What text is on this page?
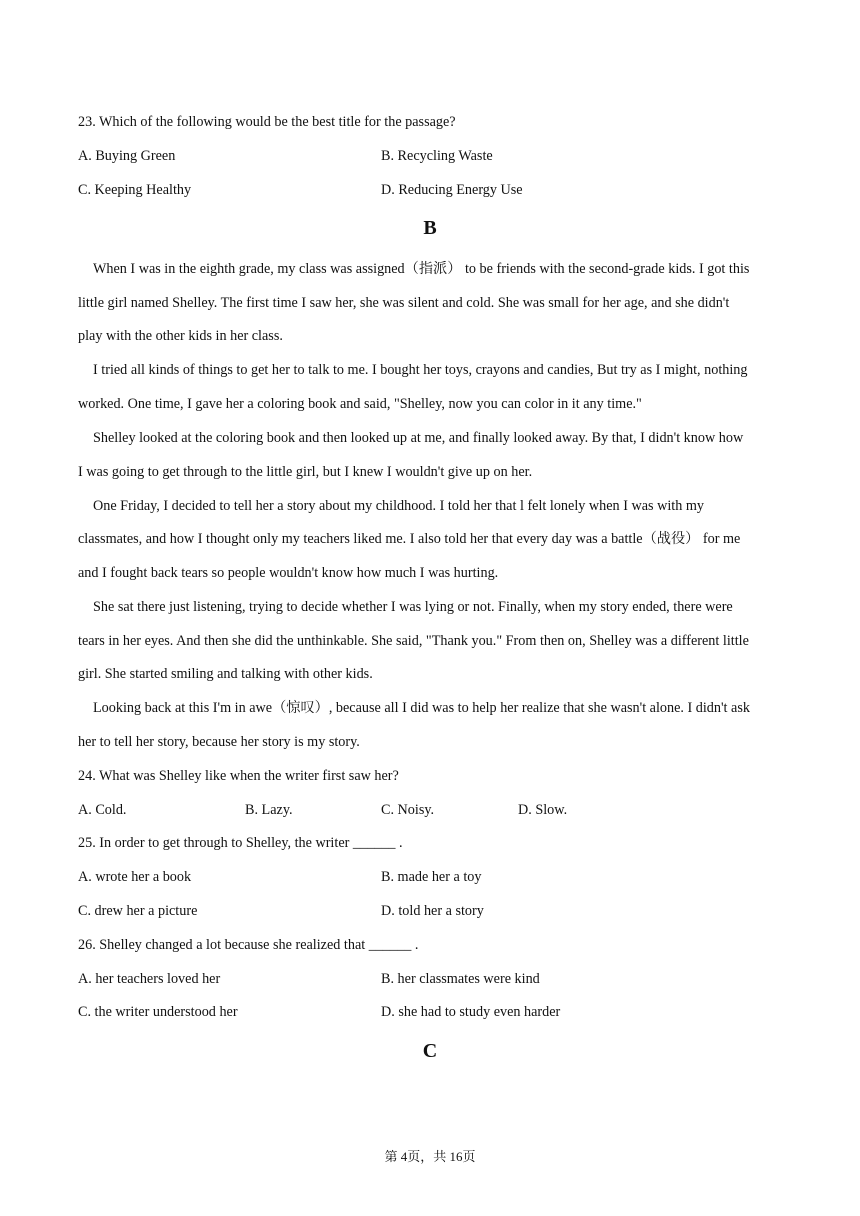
23. Which of the following would be the best title for the passage?
A. Buying Green	B. Recycling Waste
C. Keeping Healthy	D. Reducing Energy Use
B
When I was in the eighth grade, my class was assigned（指派） to be friends with the second-grade kids. I got this
little girl named Shelley. The first time I saw her, she was silent and cold. She was small for her age, and she didn't
play with the other kids in her class.
I tried all kinds of things to get her to talk to me. I bought her toys, crayons and candies, But try as I might, nothing
worked. One time, I gave her a coloring book and said, "Shelley, now you can color in it any time."
Shelley looked at the coloring book and then looked up at me, and finally looked away. By that, I didn't know how
I was going to get through to the little girl, but I knew I wouldn't give up on her.
One Friday, I decided to tell her a story about my childhood. I told her that l felt lonely when I was with my
classmates, and how I thought only my teachers liked me. I also told her that every day was a battle（战役） for me
and I fought back tears so people wouldn't know how much I was hurting.
She sat there just listening, trying to decide whether I was lying or not. Finally, when my story ended, there were
tears in her eyes. And then she did the unthinkable. She said, "Thank you." From then on, Shelley was a different little
girl. She started smiling and talking with other kids.
Looking back at this I'm in awe（惊叹）, because all I did was to help her realize that she wasn't alone. I didn't ask
her to tell her story, because her story is my story.
24. What was Shelley like when the writer first saw her?
A. Cold.	B. Lazy.	C. Noisy.	D. Slow.
25. In order to get through to Shelley, the writer ______ .
A. wrote her a book	B. made her a toy
C. drew her a picture	D. told her a story
26. Shelley changed a lot because she realized that ______ .
A. her teachers loved her	B. her classmates were kind
C. the writer understood her	D. she had to study even harder
C
第 4页，共 16页
